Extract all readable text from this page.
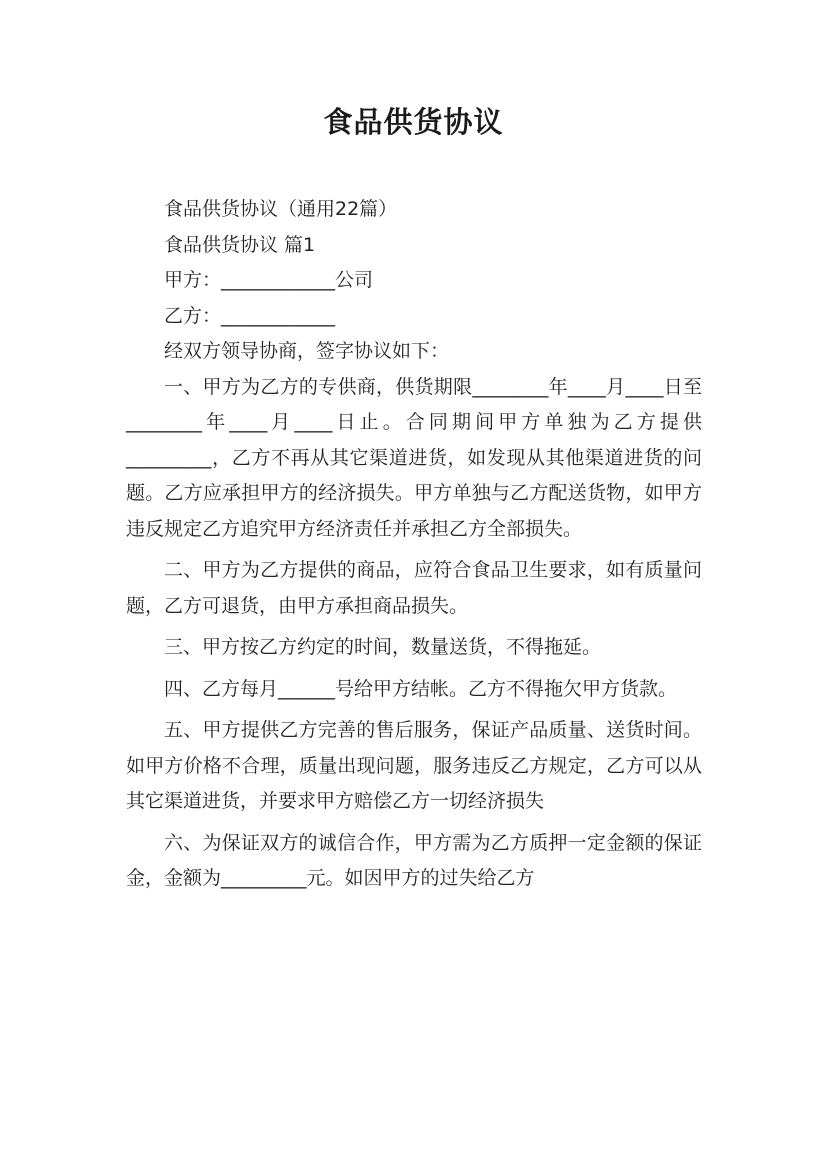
食品供货协议

食品供货协议（通用22篇）

食品供货协议 篇1

甲方：____________公司

乙方：____________

经双方领导协商，签字协议如下：

一、甲方为乙方的专供商，供货期限________年____月____日至________年____月____日止。合同期间甲方单独为乙方提供_________，乙方不再从其它渠道进货，如发现从其他渠道进货的问题。乙方应承担甲方的经济损失。甲方单独与乙方配送货物，如甲方违反规定乙方追究甲方经济责任并承担乙方全部损失。

二、甲方为乙方提供的商品，应符合食品卫生要求，如有质量问题，乙方可退货，由甲方承担商品损失。

三、甲方按乙方约定的时间，数量送货，不得拖延。

四、乙方每月______号给甲方结帐。乙方不得拖欠甲方货款。

五、甲方提供乙方完善的售后服务，保证产品质量、送货时间。如甲方价格不合理，质量出现问题，服务违反乙方规定，乙方可以从其它渠道进货，并要求甲方赔偿乙方一切经济损失

六、为保证双方的诚信合作，甲方需为乙方质押一定金额的保证金，金额为_________元。如因甲方的过失给乙方
